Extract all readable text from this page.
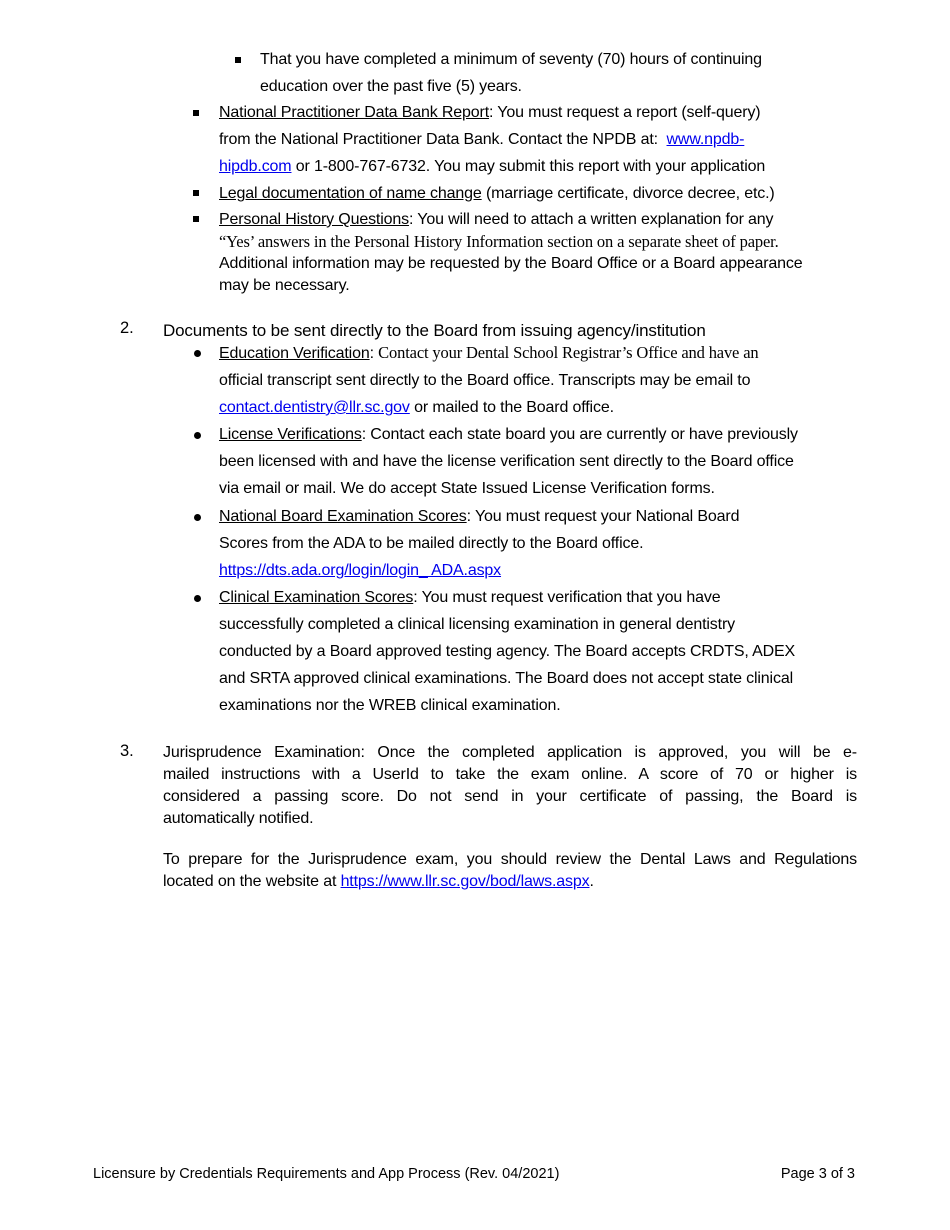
That you have completed a minimum of seventy (70) hours of continuing
education over the past five (5) years.
National Practitioner Data Bank Report: You must request a report (self-query)
from the National Practitioner Data Bank. Contact the NPDB at: www.npdb-
hipdb.com or 1-800-767-6732. You may submit this report with your application
Legal documentation of name change (marriage certificate, divorce decree, etc.)
Personal History Questions: You will need to attach a written explanation for any
“Yes’ answers in the Personal History Information section on a separate sheet of paper.
Additional information may be requested by the Board Office or a Board appearance
may be necessary.
2. Documents to be sent directly to the Board from issuing agency/institution
Education Verification: Contact your Dental School Registrar’s Office and have an
official transcript sent directly to the Board office. Transcripts may be email to
contact.dentistry@llr.sc.gov or mailed to the Board office.
License Verifications: Contact each state board you are currently or have previously
been licensed with and have the license verification sent directly to the Board office
via email or mail. We do accept State Issued License Verification forms.
National Board Examination Scores: You must request your National Board
Scores from the ADA to be mailed directly to the Board office.
https://dts.ada.org/login/login_ ADA.aspx
Clinical Examination Scores: You must request verification that you have
successfully completed a clinical licensing examination in general dentistry
conducted by a Board approved testing agency. The Board accepts CRDTS, ADEX
and SRTA approved clinical examinations. The Board does not accept state clinical
examinations nor the WREB clinical examination.
3. Jurisprudence Examination: Once the completed application is approved, you will be e-
mailed instructions with a UserId to take the exam online. A score of 70 or higher is
considered a passing score. Do not send in your certificate of passing, the Board is
automatically notified.
To prepare for the Jurisprudence exam, you should review the Dental Laws and Regulations
located on the website at https://www.llr.sc.gov/bod/laws.aspx.
Licensure by Credentials Requirements and App Process (Rev. 04/2021)	Page 3 of 3
